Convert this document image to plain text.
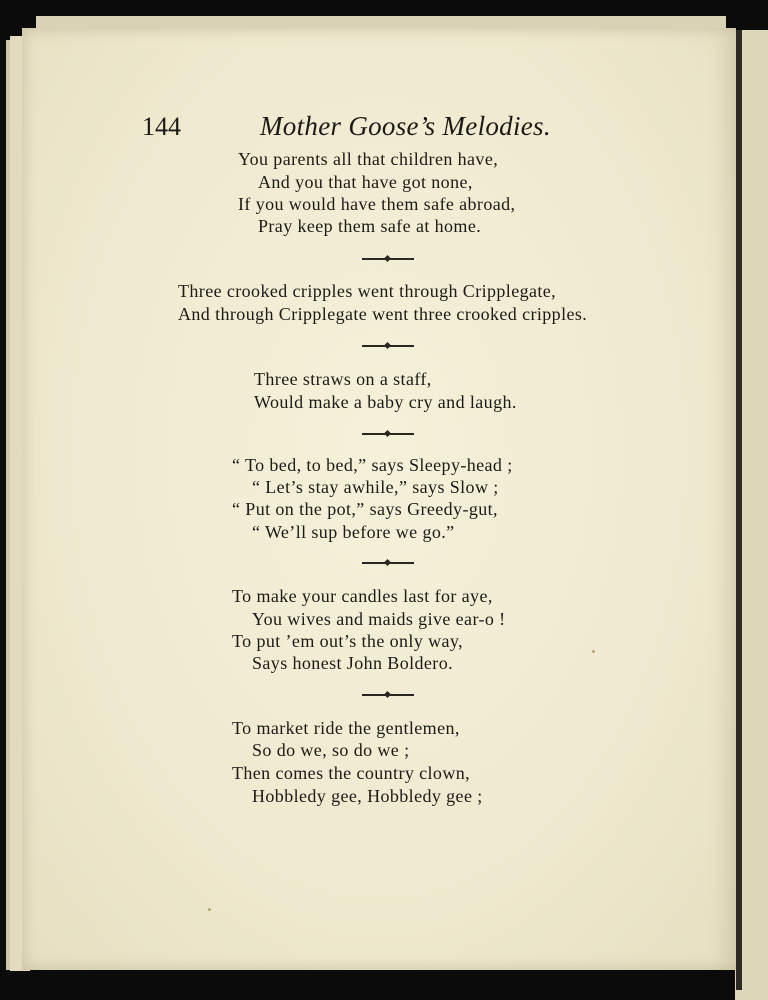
144	Mother Goose’s Melodies.

You parents all that children have,

And you that have got none,

If you would have them safe abroad,

Pray keep them safe at home.

Three crooked cripples went through Cripplegate,

And through Cripplegate went three crooked cripples.

Three straws on a staff,

Would make a baby cry and laugh.

“ To bed, to bed,” says Sleepy-head ;

“ Let’s stay awhile,” says Slow ;

“ Put on the pot,” says Greedy-gut,

“ We’ll sup before we go.”

To make your candles last for aye,

You wives and maids give ear-o !

To put ’em out’s the only way,

Says honest John Boldero.

To market ride the gentlemen,

So do we, so do we ;

Then comes the country clown,

Hobbledy gee, Hobbledy gee ;
